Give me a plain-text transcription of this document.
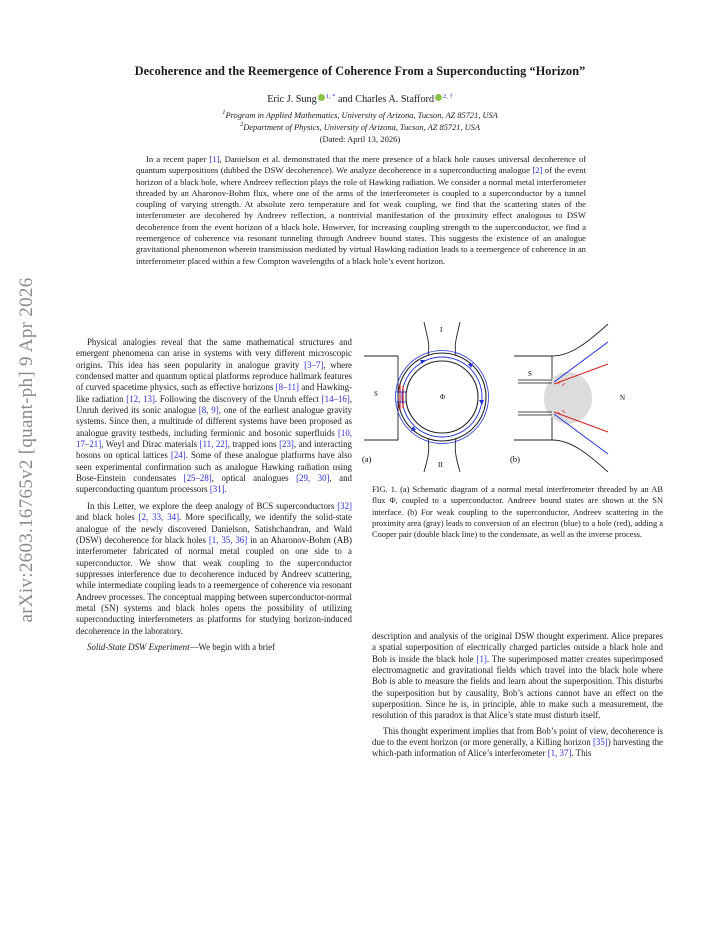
Decoherence and the Reemergence of Coherence From a Superconducting “Horizon”
Eric J. Sung $^{1, *}$ and Charles A. Stafford $^{2, \dagger}$
$^1$Program in Applied Mathematics, University of Arizona, Tucson, AZ 85721, USA
$^2$Department of Physics, University of Arizona, Tucson, AZ 85721, USA
(Dated: April 13, 2026)
In a recent paper [1], Danielson et al. demonstrated that the mere presence of a black hole causes universal decoherence of quantum superpositions (dubbed the DSW decoherence). We analyze decoherence in a superconducting analogue [2] of the event horizon of a black hole, where Andreev reflection plays the role of Hawking radiation. We consider a normal metal interferometer threaded by an Aharonov-Bohm flux, where one of the arms of the interferometer is coupled to a superconductor by a tunnel coupling of varying strength. At absolute zero temperature and for weak coupling, we find that the scattering states of the interferometer are decohered by Andreev reflection, a nontrivial manifestation of the proximity effect analogous to DSW decoherence from the event horizon of a black hole. However, for increasing coupling strength to the superconductor, we find a reemergence of coherence via resonant tunneling through Andreev bound states. This suggests the existence of an analogue gravitational phenomenon wherein transmission mediated by virtual Hawking radiation leads to a reemergence of coherence in an interferometer placed within a few Compton wavelengths of a black hole’s event horizon.
arXiv:2603.16765v2 [quant-ph] 9 Apr 2026	Physical analogies reveal that the same mathematical structures and emergent phenomena can arise in systems with very different microscopic origins. This idea has seen popularity in analogue gravity [3–7], where condensed matter and quantum optical platforms reproduce hallmark features of curved spacetime physics, such as effective horizons [8–11] and Hawking-like radiation [12, 13]. Following the discovery of the Unruh effect [14–16], Unruh derived its sonic analogue [8, 9], one of the earliest analogue gravity systems. Since then, a multitude of different systems have been proposed as analogue gravity testbeds, including fermionic and bosonic superfluids [10, 17–21], Weyl and Dirac materials [11, 22], trapped ions [23], and interacting bosons on optical lattices [24]. Some of these analogue platforms have also seen experimental confirmation such as analogue Hawking radiation using Bose-Einstein condensates [25–28], optical analogues [29, 30], and superconducting quantum processors [31].

In this Letter, we explore the deep analogy of BCS superconductors [32] and black holes [2, 33, 34]. More specifically, we identify the solid-state analogue of the newly discovered Danielson, Satishchandran, and Wald (DSW) decoherence for black holes [1, 35, 36] in an Aharonov-Bohm (AB) interferometer fabricated of normal metal coupled on one side to a superconductor. We show that weak coupling to the superconductor suppresses interference due to decoherence induced by Andreev scattering, while intermediate coupling leads to a reemergence of coherence via resonant Andreev processes. The conceptual mapping between superconductor-normal metal (SN) systems and black holes opens the possibility of utilizing superconducting interferometers as platforms for studying horizon-induced decoherence in the laboratory.

Solid-State DSW Experiment—We begin with a brief

S	Φ
I
II
(a)
S
N
(b)
FIG. 1. (a) Schematic diagram of a normal metal interferometer threaded by an AB flux Φ, coupled to a superconductor. Andreev bound states are shown at the SN interface. (b) For weak coupling to the superconductor, Andreev scattering in the proximity area (gray) leads to conversion of an electron (blue) to a hole (red), adding a Cooper pair (double black line) to the condensate, as well as the inverse process.

description and analysis of the original DSW thought experiment. Alice prepares a spatial superposition of electrically charged particles outside a black hole and Bob is inside the black hole [1]. The superimposed matter creates superimposed electromagnetic and gravitational fields which travel into the black hole where Bob is able to measure the fields and learn about the superposition. This disturbs the superposition but by causality, Bob’s actions cannot have an effect on the superposition. Since he is, in principle, able to make such a measurement, the resolution of this paradox is that Alice’s state must disturb itself.

This thought experiment implies that from Bob’s point of view, decoherence is due to the event horizon (or more generally, a Killing horizon [35]) harvesting the which-path information of Alice’s interferometer [1, 37]. This
